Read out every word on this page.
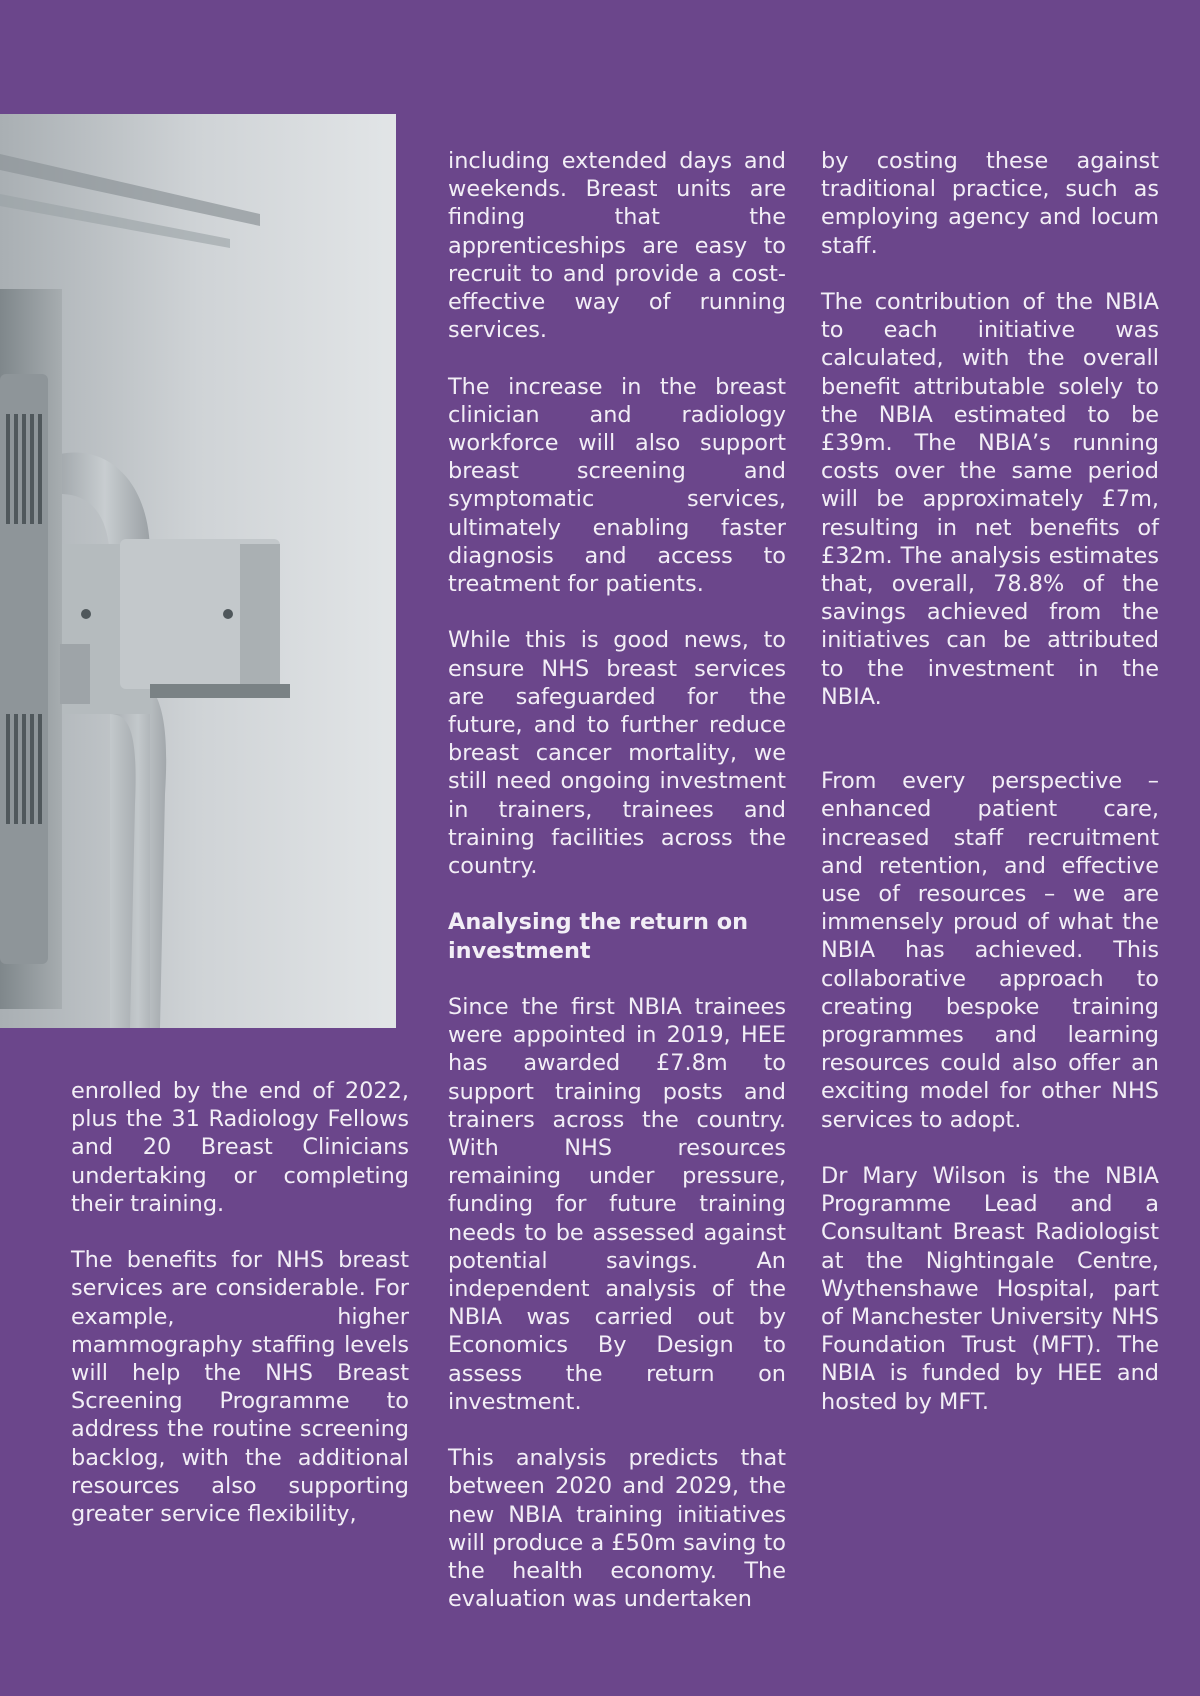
enrolled by the end of 2022, plus the 31 Radiology Fellows and 20 Breast Clinicians undertaking or completing their training.

The benefits for NHS breast services are considerable. For example, higher mammography staffing levels will help the NHS Breast Screening Programme to address the routine screening backlog, with the additional resources also supporting greater service flexibility,

including extended days and weekends. Breast units are finding that the apprenticeships are easy to recruit to and provide a cost-effective way of running services.

The increase in the breast clinician and radiology workforce will also support breast screening and symptomatic services, ultimately enabling faster diagnosis and access to treatment for patients.

While this is good news, to ensure NHS breast services are safeguarded for the future, and to further reduce breast cancer mortality, we still need ongoing investment in trainers, trainees and training facilities across the country.

Analysing the return on investment

Since the first NBIA trainees were appointed in 2019, HEE has awarded £7.8m to support training posts and trainers across the country. With NHS resources remaining under pressure, funding for future training needs to be assessed against potential savings. An independent analysis of the NBIA was carried out by Economics By Design to assess the return on investment.

This analysis predicts that between 2020 and 2029, the new NBIA training initiatives will produce a £50m saving to the health economy. The evaluation was undertaken

by costing these against traditional practice, such as employing agency and locum staff.

The contribution of the NBIA to each initiative was calculated, with the overall benefit attributable solely to the NBIA estimated to be £39m. The NBIA’s running costs over the same period will be approximately £7m, resulting in net benefits of £32m. The analysis estimates that, overall, 78.8% of the savings achieved from the initiatives can be attributed to the investment in the NBIA.

From every perspective – enhanced patient care, increased staff recruitment and retention, and effective use of resources – we are immensely proud of what the NBIA has achieved. This collaborative approach to creating bespoke training programmes and learning resources could also offer an exciting model for other NHS services to adopt.

Dr Mary Wilson is the NBIA Programme Lead and a Consultant Breast Radiologist at the Nightingale Centre, Wythenshawe Hospital, part of Manchester University NHS Foundation Trust (MFT). The NBIA is funded by HEE and hosted by MFT.
